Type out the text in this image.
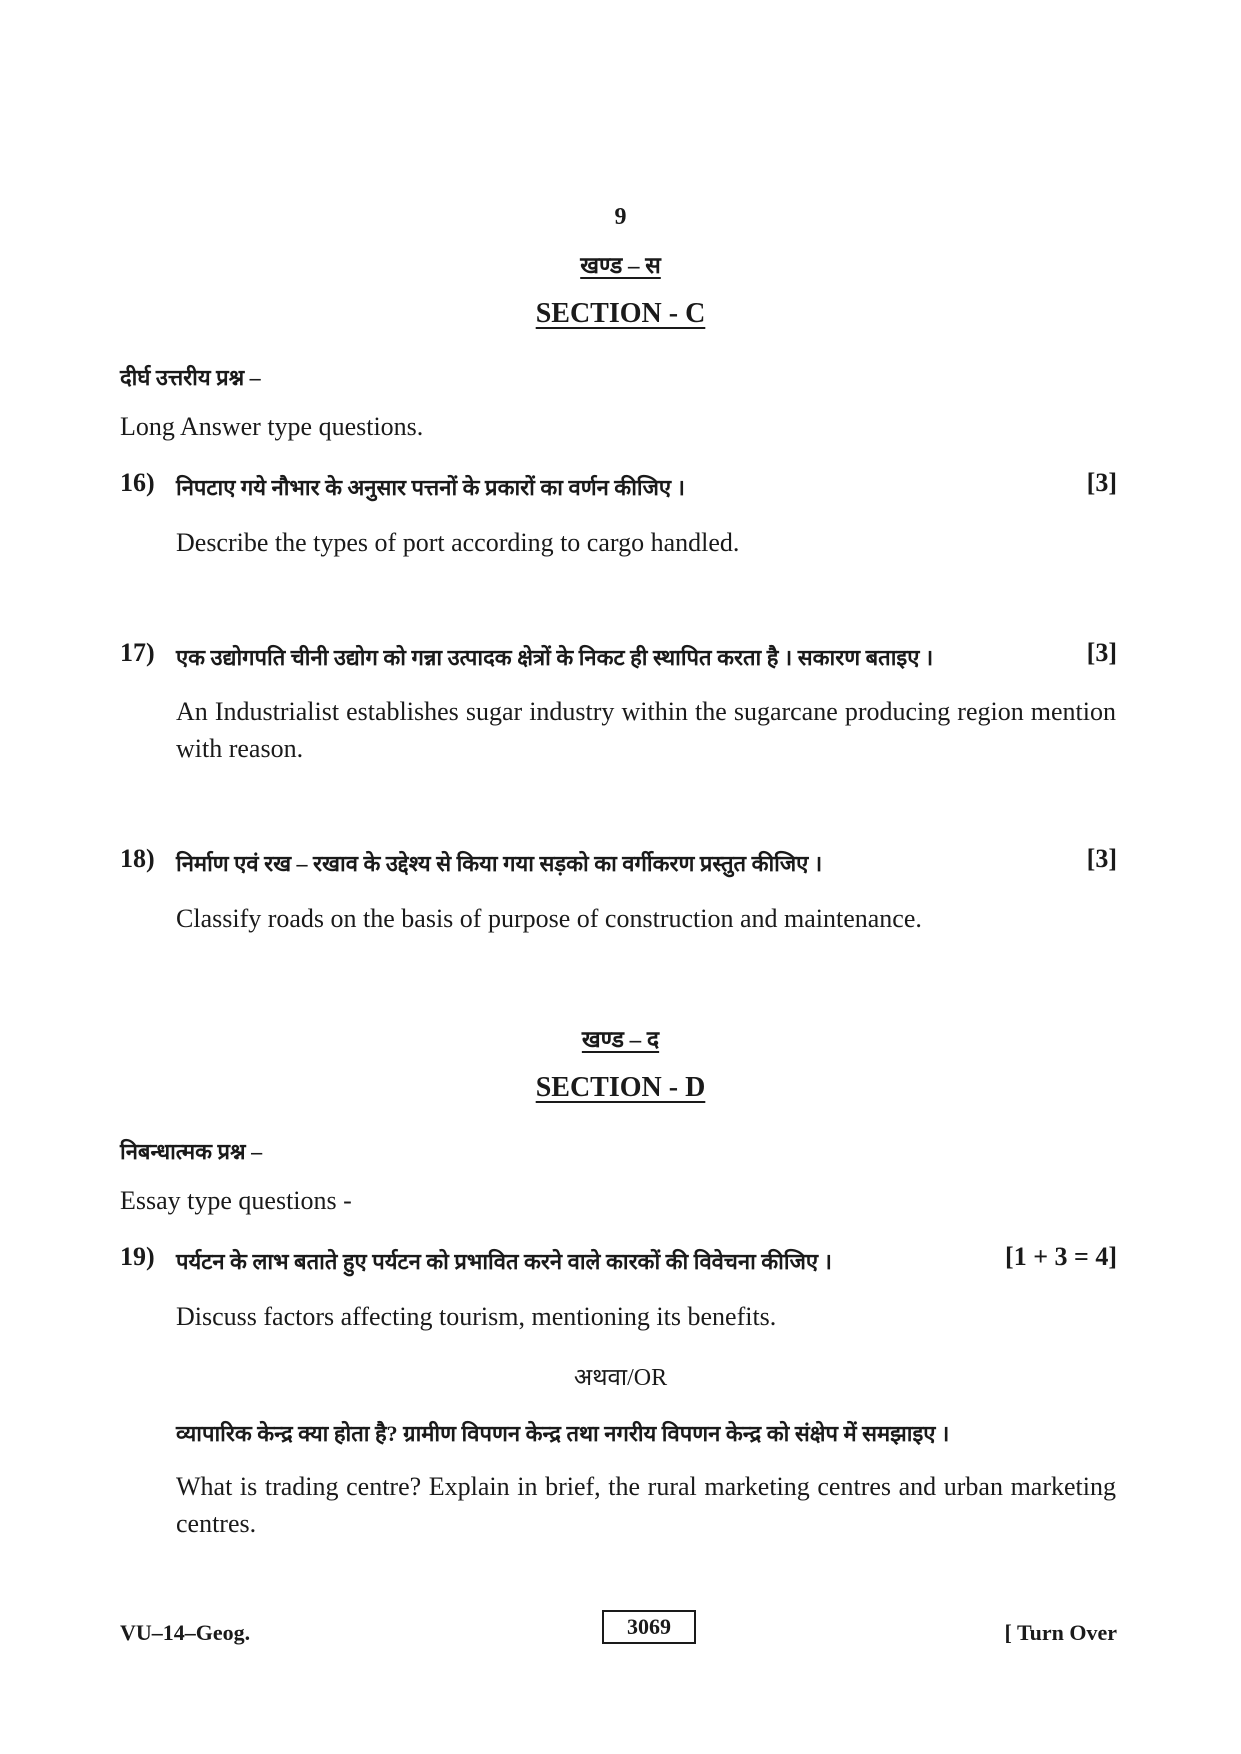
9
खण्ड – स
SECTION - C
दीर्घ उत्तरीय प्रश्न –
Long Answer type questions.
16) निपटाए गये नौभार के अनुसार पत्तनों के प्रकारों का वर्णन कीजिए ।	[3]
Describe the types of port according to cargo handled.
17) एक उद्योगपति चीनी उद्योग को गन्ना उत्पादक क्षेत्रों के निकट ही स्थापित करता है । सकारण बताइए ।	[3]
An Industrialist establishes sugar industry within the sugarcane producing region mention with reason.
18) निर्माण एवं रख – रखाव के उद्देश्य से किया गया सड़को का वर्गीकरण प्रस्तुत कीजिए ।	[3]
Classify roads on the basis of purpose of construction and maintenance.
खण्ड – द
SECTION - D
निबन्धात्मक प्रश्न –
Essay type questions -
19) पर्यटन के लाभ बताते हुए पर्यटन को प्रभावित करने वाले कारकों की विवेचना कीजिए ।	[1 + 3 = 4]
Discuss factors affecting tourism, mentioning its benefits.
अथवा/OR
व्यापारिक केन्द्र क्या होता है? ग्रामीण विपणन केन्द्र तथा नगरीय विपणन केन्द्र को संक्षेप में समझाइए ।
What is trading centre? Explain in brief, the rural marketing centres and urban marketing centres.
VU–14–Geog.	3069	[ Turn Over
